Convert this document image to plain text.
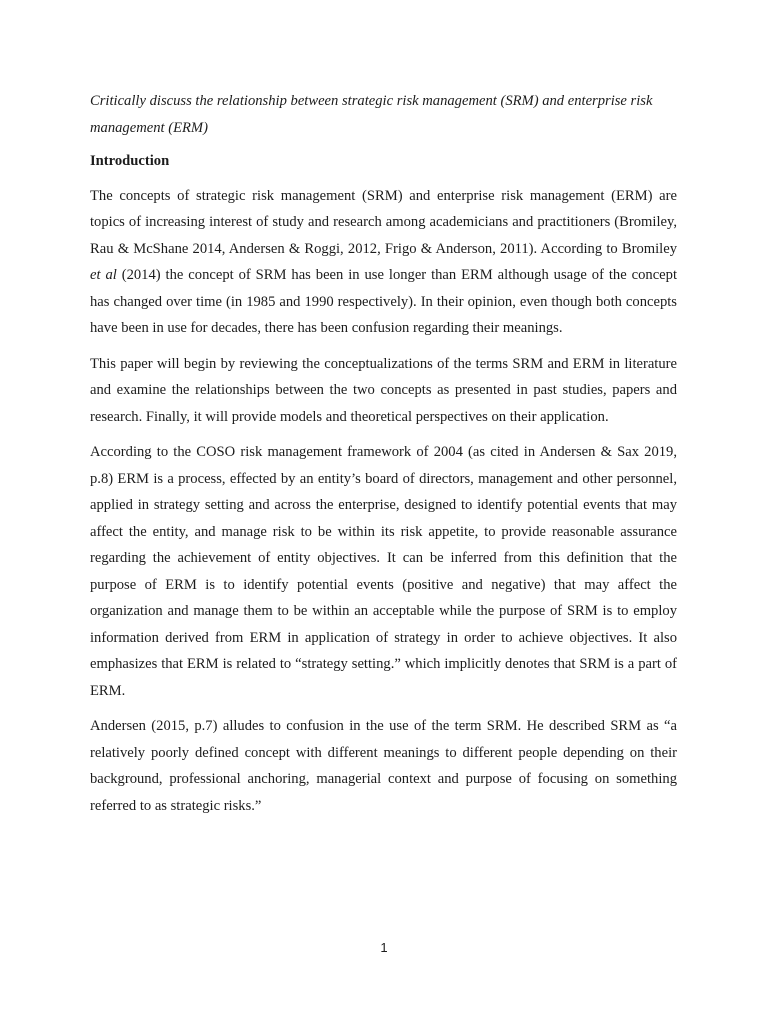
Critically discuss the relationship between strategic risk management (SRM) and enterprise risk management (ERM)
Introduction

The concepts of strategic risk management (SRM) and enterprise risk management (ERM) are topics of increasing interest of study and research among academicians and practitioners (Bromiley, Rau & McShane 2014, Andersen & Roggi, 2012, Frigo & Anderson, 2011). According to Bromiley et al (2014) the concept of SRM has been in use longer than ERM although usage of the concept has changed over time (in 1985 and 1990 respectively). In their opinion, even though both concepts have been in use for decades, there has been confusion regarding their meanings.

This paper will begin by reviewing the conceptualizations of the terms SRM and ERM in literature and examine the relationships between the two concepts as presented in past studies, papers and research. Finally, it will provide models and theoretical perspectives on their application.

According to the COSO risk management framework of 2004 (as cited in Andersen & Sax 2019, p.8) ERM is a process, effected by an entity’s board of directors, management and other personnel, applied in strategy setting and across the enterprise, designed to identify potential events that may affect the entity, and manage risk to be within its risk appetite, to provide reasonable assurance regarding the achievement of entity objectives. It can be inferred from this definition that the purpose of ERM is to identify potential events (positive and negative) that may affect the organization and manage them to be within an acceptable while the purpose of SRM is to employ information derived from ERM in application of strategy in order to achieve objectives. It also emphasizes that ERM is related to “strategy setting.” which implicitly denotes that SRM is a part of ERM.

Andersen (2015, p.7) alludes to confusion in the use of the term SRM. He described SRM as “a relatively poorly defined concept with different meanings to different people depending on their background, professional anchoring, managerial context and purpose of focusing on something referred to as strategic risks.”

1
